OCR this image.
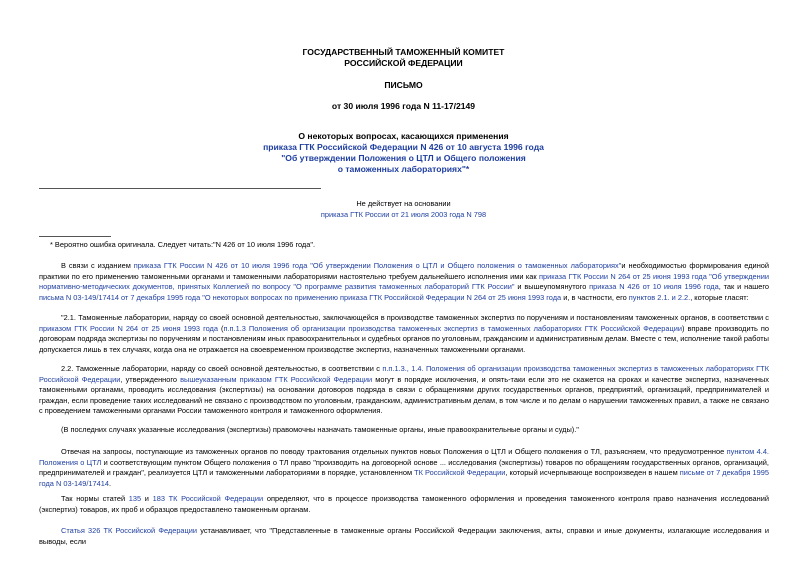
ГОСУДАРСТВЕННЫЙ ТАМОЖЕННЫЙ КОМИТЕТ
РОССИЙСКОЙ ФЕДЕРАЦИИ
ПИСЬМО
от 30 июля 1996 года N 11-17/2149
О некоторых вопросах, касающихся применения
приказа ГТК Российской Федерации N 426 от 10 августа 1996 года
"Об утверждении Положения о ЦТЛ и Общего положения
о таможенных лабораториях"*
Не действует на основании
приказа ГТК России от 21 июля 2003 года N 798
* Вероятно ошибка оригинала. Следует читать:"N 426 от 10 июля 1996 года".
В связи с изданием приказа ГТК России N 426 от 10 июля 1996 года "Об утверждении Положения о ЦТЛ и Общего положения о таможенных лабораториях"и необходимостью формирования единой практики по его применению таможенными органами и таможенными лабораториями настоятельно требуем дальнейшего исполнения ими как приказа ГТК России N 264 от 25 июня 1993 года "Об утверждении нормативно-методических документов, принятых Коллегией по вопросу "О программе развития таможенных лабораторий ГТК России" и вышеупомянутого приказа N 426 от 10 июля 1996 года, так и нашего письма N 03-149/17414 от 7 декабря 1995 года "О некоторых вопросах по применению приказа ГТК Российской Федерации N 264 от 25 июня 1993 года и, в частности, его пунктов 2.1. и 2.2., которые гласят:
"2.1. Таможенные лаборатории, наряду со своей основной деятельностью, заключающейся в производстве таможенных экспертиз по поручениям и постановлениям таможенных органов, в соответствии с приказом ГТК России N 264 от 25 июня 1993 года (п.п.1.3 Положения об организации производства таможенных экспертиз в таможенных лабораториях ГТК Российской Федерации) вправе производить по договорам подряда экспертизы по поручениям и постановлениям иных правоохранительных и судебных органов по уголовным, гражданским и административным делам. Вместе с тем, исполнение такой работы допускается лишь в тех случаях, когда она не отражается на своевременном производстве экспертиз, назначенных таможенными органами.
2.2. Таможенные лаборатории, наряду со своей основной деятельностью, в соответствии с п.п.1.3., 1.4. Положения об организации производства таможенных экспертиз в таможенных лабораториях ГТК Российской Федерации, утвержденного вышеуказанным приказом ГТК Российской Федерации могут в порядке исключения, и опять-таки если это не скажется на сроках и качестве экспертиз, назначенных таможенными органами, проводить исследования (экспертизы) на основании договоров подряда в связи с обращениями других государственных органов, предприятий, организаций, предпринимателей и граждан, если проведение таких исследований не связано с производством по уголовным, гражданским, административным делам, в том числе и по делам о нарушении таможенных правил, а также не связано с проведением таможенными органами России таможенного контроля и таможенного оформления.
(В последних случаях указанные исследования (экспертизы) правомочны назначать таможенные органы, иные правоохранительные органы и суды)."
Отвечая на запросы, поступающие из таможенных органов по поводу трактования отдельных пунктов новых Положения о ЦТЛ и Общего положения о ТЛ, разъясняем, что предусмотренное пунктом 4.4. Положения о ЦТЛ и соответствующим пунктом Общего положения о ТЛ право "производить на договорной основе ... исследования (экспертизы) товаров по обращениям государственных органов, организаций, предпринимателей и граждан", реализуется ЦТЛ и таможенными лабораториями в порядке, установленном ТК Российской Федерации, который исчерпывающе воспроизведен в нашем письме от 7 декабря 1995 года N 03-149/17414.
Так нормы статей 135 и 183 ТК Российской Федерации определяют, что в процессе производства таможенного оформления и проведения таможенного контроля право назначения исследований (экспертиз) товаров, их проб и образцов предоставлено таможенным органам.
Статья 326 ТК Российской Федерации устанавливает, что "Представленные в таможенные органы Российской Федерации заключения, акты, справки и иные документы, излагающие исследования и выводы, если
